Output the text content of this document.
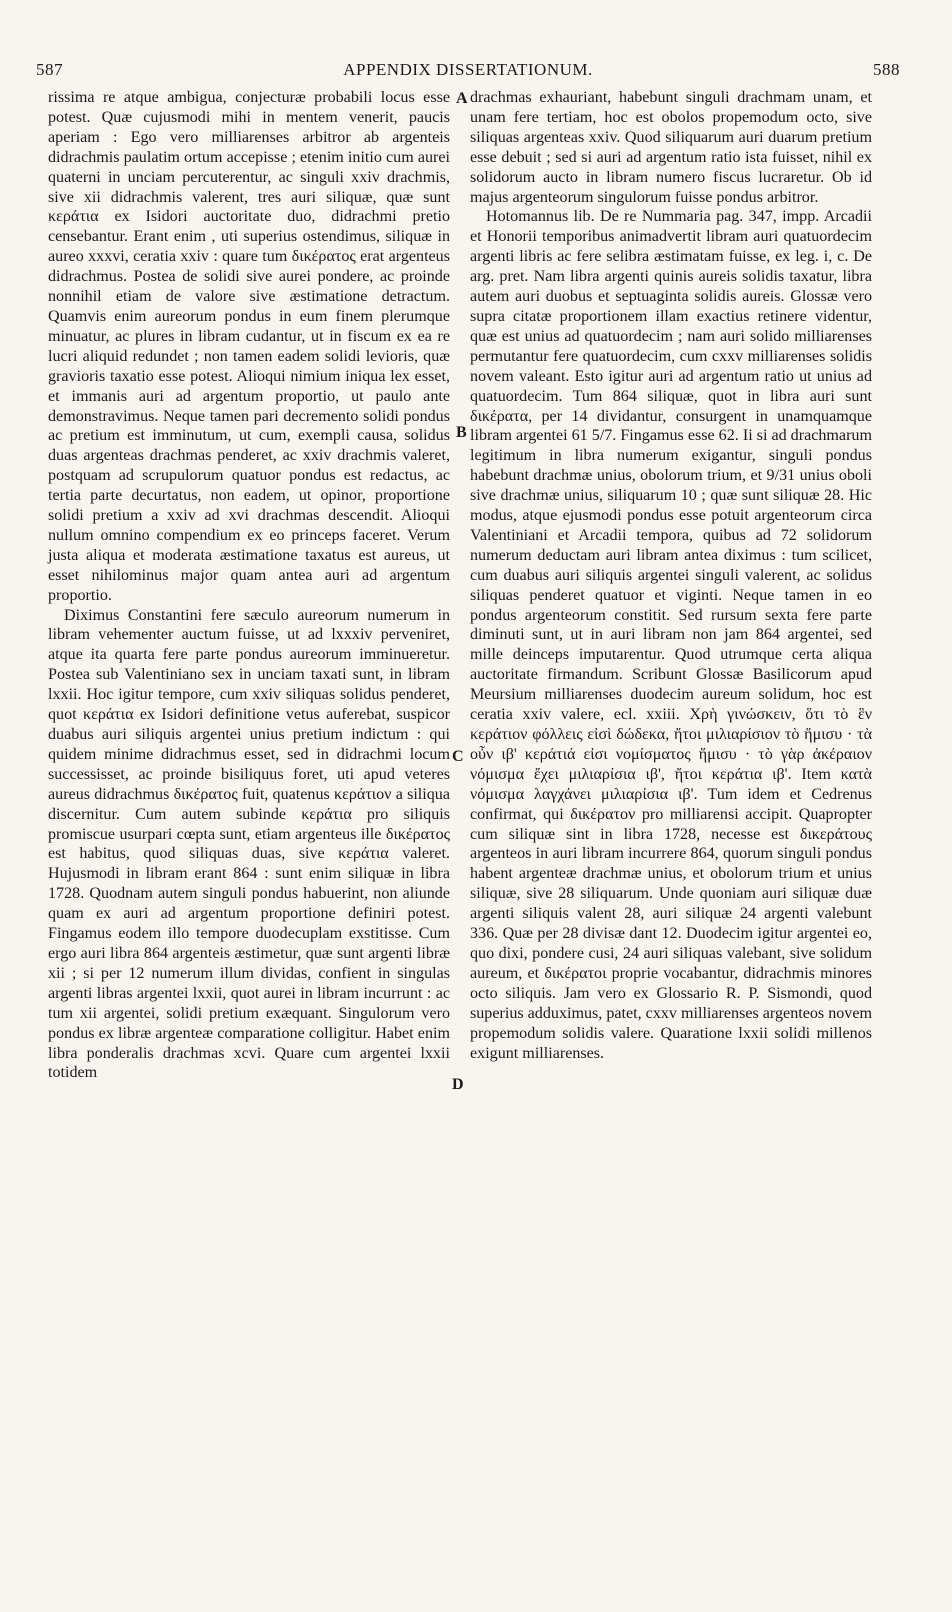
587	APPENDIX DISSERTATIONUM.	588
A
B
C
D

rissima re atque ambigua, conjecturæ probabili locus esse potest. Quæ cujusmodi mihi in mentem venerit, paucis aperiam : Ego vero milliarenses arbitror ab argenteis didrachmis paulatim ortum accepisse ; etenim initio cum aurei quaterni in unciam percuterentur, ac singuli xxiv drachmis, sive xii didrachmis valerent, tres auri siliquæ, quæ sunt κεράτια ex Isidori auctoritate duo, didrachmi pretio censebantur. Erant enim , uti superius ostendimus, siliquæ in aureo xxxvi, ceratia xxiv : quare tum δικέρατος erat argenteus didrachmus. Postea de solidi sive aurei pondere, ac proinde nonnihil etiam de valore sive æstimatione detractum. Quamvis enim aureorum pondus in eum finem plerumque minuatur, ac plures in libram cudantur, ut in fiscum ex ea re lucri aliquid redundet ; non tamen eadem solidi levioris, quæ gravioris taxatio esse potest. Alioqui nimium iniqua lex esset, et immanis auri ad argentum proportio, ut paulo ante demonstravimus. Neque tamen pari decremento solidi pondus ac pretium est imminutum, ut cum, exempli causa, solidus duas argenteas drachmas penderet, ac xxiv drachmis valeret, postquam ad scrupulorum quatuor pondus est redactus, ac tertia parte decurtatus, non eadem, ut opinor, proportione solidi pretium a xxiv ad xvi drachmas descendit. Alioqui nullum omnino compendium ex eo princeps faceret. Verum justa aliqua et moderata æstimatione taxatus est aureus, ut esset nihilominus major quam antea auri ad argentum proportio.

Diximus Constantini fere sæculo aureorum numerum in libram vehementer auctum fuisse, ut ad lxxxiv perveniret, atque ita quarta fere parte pondus aureorum imminueretur. Postea sub Valentiniano sex in unciam taxati sunt, in libram lxxii. Hoc igitur tempore, cum xxiv siliquas solidus penderet, quot κεράτια ex Isidori definitione vetus auferebat, suspicor duabus auri siliquis argentei unius pretium indictum : qui quidem minime didrachmus esset, sed in didrachmi locum successisset, ac proinde bisiliquus foret, uti apud veteres aureus didrachmus δικέρατος fuit, quatenus κεράτιον a siliqua discernitur. Cum autem subinde κεράτια pro siliquis promiscue usurpari cœpta sunt, etiam argenteus ille δικέρατος est habitus, quod siliquas duas, sive κεράτια valeret. Hujusmodi in libram erant 864 : sunt enim siliquæ in libra 1728. Quodnam autem singuli pondus habuerint, non aliunde quam ex auri ad argentum proportione definiri potest. Fingamus eodem illo tempore duodecuplam exstitisse. Cum ergo auri libra 864 argenteis æstimetur, quæ sunt argenti libræ xii ; si per 12 numerum illum dividas, confient in singulas argenti libras argentei lxxii, quot aurei in libram incurrunt : ac tum xii argentei, solidi pretium exæquant. Singulorum vero pondus ex libræ argenteæ comparatione colligitur. Habet enim libra ponderalis drachmas xcvi. Quare cum argentei lxxii totidem

drachmas exhauriant, habebunt singuli drachmam unam, et unam fere tertiam, hoc est obolos propemodum octo, sive siliquas argenteas xxiv. Quod siliquarum auri duarum pretium esse debuit ; sed si auri ad argentum ratio ista fuisset, nihil ex solidorum aucto in libram numero fiscus lucraretur. Ob id majus argenteorum singulorum fuisse pondus arbitror.

Hotomannus lib. De re Nummaria pag. 347, impp. Arcadii et Honorii temporibus animadvertit libram auri quatuordecim argenti libris ac fere selibra æstimatam fuisse, ex leg. i, c. De arg. pret. Nam libra argenti quinis aureis solidis taxatur, libra autem auri duobus et septuaginta solidis aureis. Glossæ vero supra citatæ proportionem illam exactius retinere videntur, quæ est unius ad quatuordecim ; nam auri solido milliarenses permutantur fere quatuordecim, cum cxxv milliarenses solidis novem valeant. Esto igitur auri ad argentum ratio ut unius ad quatuordecim. Tum 864 siliquæ, quot in libra auri sunt δικέρατα, per 14 dividantur, consurgent in unamquamque libram argentei 61 5/7. Fingamus esse 62. Ii si ad drachmarum legitimum in libra numerum exigantur, singuli pondus habebunt drachmæ unius, obolorum trium, et 9/31 unius oboli sive drachmæ unius, siliquarum 10 ; quæ sunt siliquæ 28. Hic modus, atque ejusmodi pondus esse potuit argenteorum circa Valentiniani et Arcadii tempora, quibus ad 72 solidorum numerum deductam auri libram antea diximus : tum scilicet, cum duabus auri siliquis argentei singuli valerent, ac solidus siliquas penderet quatuor et viginti. Neque tamen in eo pondus argenteorum constitit. Sed rursum sexta fere parte diminuti sunt, ut in auri libram non jam 864 argentei, sed mille deinceps imputarentur. Quod utrumque certa aliqua auctoritate firmandum. Scribunt Glossæ Basilicorum apud Meursium milliarenses duodecim aureum solidum, hoc est ceratia xxiv valere, ecl. xxiii. Χρὴ γινώσκειν, ὅτι τὸ ἓν κεράτιον φόλλεις εἰσὶ δώδεκα, ἤτοι μιλιαρίσιον τὸ ἥμισυ · τὰ οὖν ιβ' κεράτιά εἰσι νομίσματος ἥμισυ · τὸ γὰρ ἀκέραιον νόμισμα ἔχει μιλιαρίσια ιβ', ἤτοι κεράτια ιβ'. Item κατὰ νόμισμα λαγχάνει μιλιαρίσια ιβ'. Tum idem et Cedrenus confirmat, qui δικέρατον pro milliarensi accipit. Quapropter cum siliquæ sint in libra 1728, necesse est δικεράτους argenteos in auri libram incurrere 864, quorum singuli pondus habent argenteæ drachmæ unius, et obolorum trium et unius siliquæ, sive 28 siliquarum. Unde quoniam auri siliquæ duæ argenti siliquis valent 28, auri siliquæ 24 argenti valebunt 336. Quæ per 28 divisæ dant 12. Duodecim igitur argentei eo, quo dixi, pondere cusi, 24 auri siliquas valebant, sive solidum aureum, et δικέρατοι proprie vocabantur, didrachmis minores octo siliquis. Jam vero ex Glossario R. P. Sismondi, quod superius adduximus, patet, cxxv milliarenses argenteos novem propemodum solidis valere. Quaratione lxxii solidi millenos exigunt milliarenses.
